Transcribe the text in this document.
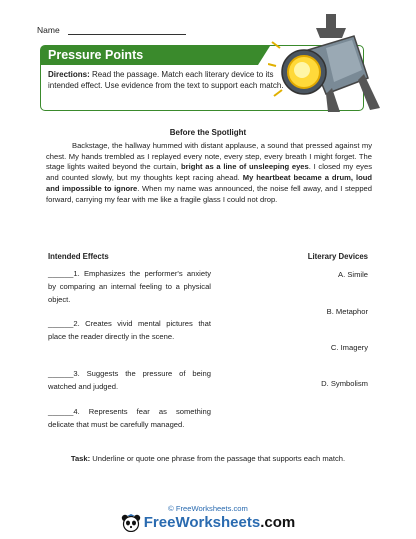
Name
Pressure Points
Directions: Read the passage. Match each literary device to its intended effect. Use evidence from the text to support each match.
Before the Spotlight
Backstage, the hallway hummed with distant applause, a sound that pressed against my chest. My hands trembled as I replayed every note, every step, every breath I might forget. The stage lights waited beyond the curtain, bright as a line of unsleeping eyes. I closed my eyes and counted slowly, but my thoughts kept racing ahead. My heartbeat became a drum, loud and impossible to ignore. When my name was announced, the noise fell away, and I stepped forward, carrying my fear with me like a fragile glass I could not drop.
Intended Effects	Literary Devices
______1. Emphasizes the performer's anxiety by comparing an internal feeling to a physical object.
______2. Creates vivid mental pictures that place the reader directly in the scene.
______3. Suggests the pressure of being watched and judged.
______4. Represents fear as something delicate that must be carefully managed.
A. Simile
B. Metaphor
C. Imagery
D. Symbolism
Task: Underline or quote one phrase from the passage that supports each match.
© FreeWorksheets.com
FreeWorksheets.com
